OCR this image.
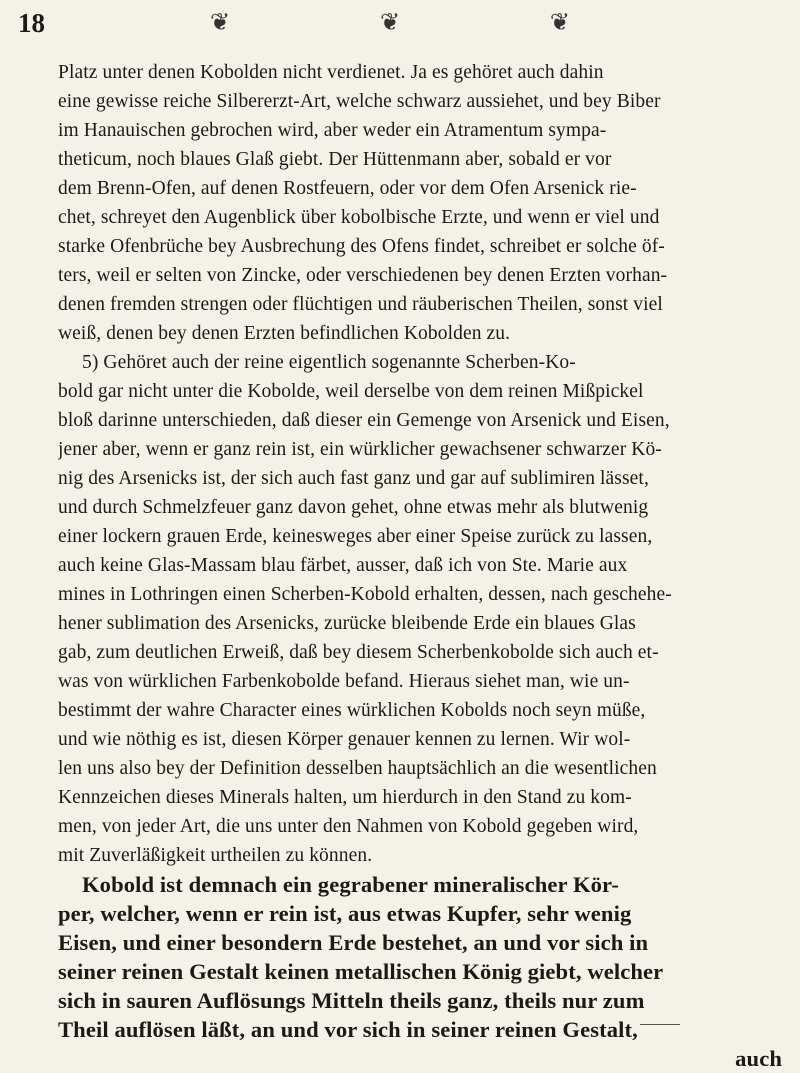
18	❦	❦	❦
Platz unter denen Kobolden nicht verdienet. Ja es gehöret auch dahin
eine gewisse reiche Silbererzt-Art, welche schwarz aussiehet, und bey Biber
im Hanauischen gebrochen wird, aber weder ein Atramentum sympa-
theticum, noch blaues Glaß giebt. Der Hüttenmann aber, sobald er vor
dem Brenn-Ofen, auf denen Rostfeuern, oder vor dem Ofen Arsenick rie-
chet, schreyet den Augenblick über kobolbische Erzte, und wenn er viel und
starke Ofenbrüche bey Ausbrechung des Ofens findet, schreibet er solche öf-
ters, weil er selten von Zincke, oder verschiedenen bey denen Erzten vorhan-
denen fremden strengen oder flüchtigen und räuberischen Theilen, sonst viel
weiß, denen bey denen Erzten befindlichen Kobolden zu.
5) Gehöret auch der reine eigentlich sogenannte Scherben-Ko-
bold gar nicht unter die Kobolde, weil derselbe von dem reinen Mißpickel
bloß darinne unterschieden, daß dieser ein Gemenge von Arsenick und Eisen,
jener aber, wenn er ganz rein ist, ein würklicher gewachsener schwarzer Kö-
nig des Arsenicks ist, der sich auch fast ganz und gar auf sublimiren lässet,
und durch Schmelzfeuer ganz davon gehet, ohne etwas mehr als blutwenig
einer lockern grauen Erde, keinesweges aber einer Speise zurück zu lassen,
auch keine Glas-Massam blau färbet, ausser, daß ich von Ste. Marie aux
mines in Lothringen einen Scherben-Kobold erhalten, dessen, nach geschehe-
hener sublimation des Arsenicks, zurücke bleibende Erde ein blaues Glas
gab, zum deutlichen Erweiß, daß bey diesem Scherbenkobolde sich auch et-
was von würklichen Farbenkobolde befand. Hieraus siehet man, wie un-
bestimmt der wahre Character eines würklichen Kobolds noch seyn müße,
und wie nöthig es ist, diesen Körper genauer kennen zu lernen. Wir wol-
len uns also bey der Definition desselben hauptsächlich an die wesentlichen
Kennzeichen dieses Minerals halten, um hierdurch in den Stand zu kom-
men, von jeder Art, die uns unter den Nahmen von Kobold gegeben wird,
mit Zuverläßigkeit urtheilen zu können.
Kobold ist demnach ein gegrabener mineralischer Kör-
per, welcher, wenn er rein ist, aus etwas Kupfer, sehr wenig
Eisen, und einer besondern Erde bestehet, an und vor sich in
seiner reinen Gestalt keinen metallischen König giebt, welcher
sich in sauren Auflösungs Mitteln theils ganz, theils nur zum
Theil auflösen läßt, an und vor sich in seiner reinen Gestalt,
auch
